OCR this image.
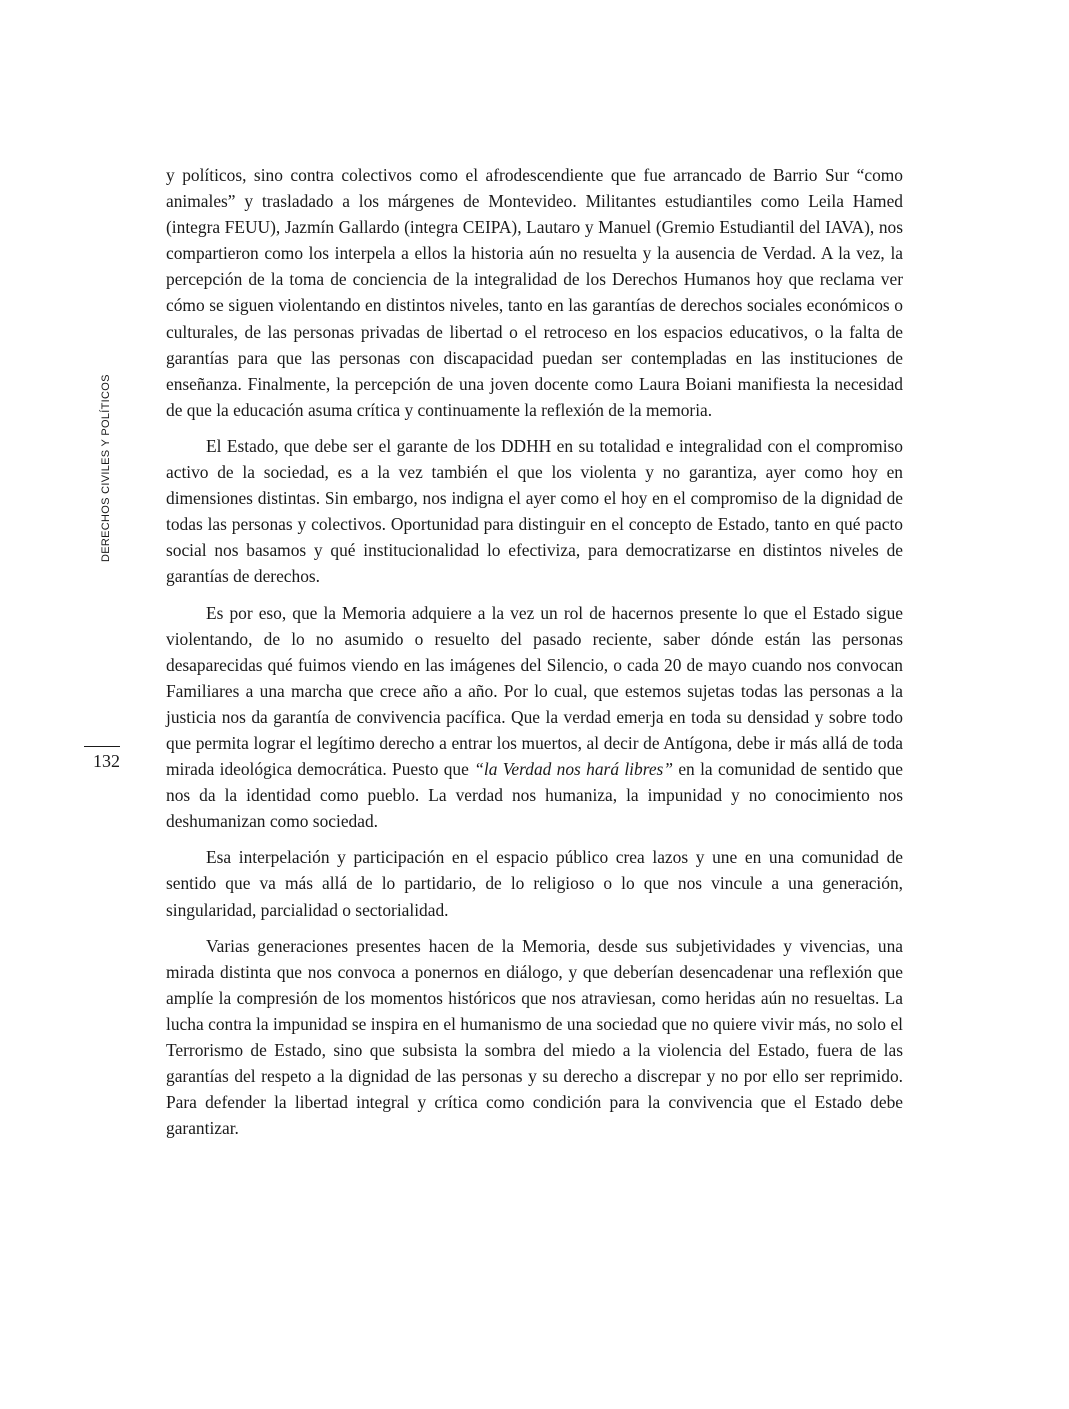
DERECHOS CIVILES Y POLÍTICOS
132

y políticos, sino contra colectivos como el afrodescendiente que fue arrancado de Barrio Sur “como animales” y trasladado a los márgenes de Montevideo. Militantes estudiantiles como Leila Hamed (integra FEUU), Jazmín Gallardo (integra CEIPA), Lautaro y Manuel (Gremio Estudiantil del IAVA), nos compartieron como los interpela a ellos la historia aún no resuelta y la ausencia de Verdad. A la vez, la percepción de la toma de conciencia de la integralidad de los Derechos Humanos hoy que reclama ver cómo se siguen violentando en distintos niveles, tanto en las garantías de derechos sociales económicos o culturales, de las personas privadas de libertad o el retroceso en los espacios educativos, o la falta de garantías para que las personas con discapacidad puedan ser contempladas en las instituciones de enseñanza. Finalmente, la percepción de una joven docente como Laura Boiani manifiesta la necesidad de que la educación asuma crítica y continuamente la reflexión de la memoria.

El Estado, que debe ser el garante de los DDHH en su totalidad e integralidad con el compromiso activo de la sociedad, es a la vez también el que los violenta y no garantiza, ayer como hoy en dimensiones distintas. Sin embargo, nos indigna el ayer como el hoy en el compromiso de la dignidad de todas las personas y colectivos. Oportunidad para distinguir en el concepto de Estado, tanto en qué pacto social nos basamos y qué institucionalidad lo efectiviza, para democratizarse en distintos niveles de garantías de derechos.

Es por eso, que la Memoria adquiere a la vez un rol de hacernos presente lo que el Estado sigue violentando, de lo no asumido o resuelto del pasado reciente, saber dónde están las personas desaparecidas qué fuimos viendo en las imágenes del Silencio, o cada 20 de mayo cuando nos convocan Familiares a una marcha que crece año a año. Por lo cual, que estemos sujetas todas las personas a la justicia nos da garantía de convivencia pacífica. Que la verdad emerja en toda su densidad y sobre todo que permita lograr el legítimo derecho a entrar los muertos, al decir de Antígona, debe ir más allá de toda mirada ideológica democrática. Puesto que “la Verdad nos hará libres” en la comunidad de sentido que nos da la identidad como pueblo. La verdad nos humaniza, la impunidad y no conocimiento nos deshumanizan como sociedad.

Esa interpelación y participación en el espacio público crea lazos y une en una comunidad de sentido que va más allá de lo partidario, de lo religioso o lo que nos vincule a una generación, singularidad, parcialidad o sectorialidad.

Varias generaciones presentes hacen de la Memoria, desde sus subjetividades y vivencias, una mirada distinta que nos convoca a ponernos en diálogo, y que deberían desencadenar una reflexión que amplíe la compresión de los momentos históricos que nos atraviesan, como heridas aún no resueltas. La lucha contra la impunidad se inspira en el humanismo de una sociedad que no quiere vivir más, no solo el Terrorismo de Estado, sino que subsista la sombra del miedo a la violencia del Estado, fuera de las garantías del respeto a la dignidad de las personas y su derecho a discrepar y no por ello ser reprimido. Para defender la libertad integral y crítica como condición para la convivencia que el Estado debe garantizar.
